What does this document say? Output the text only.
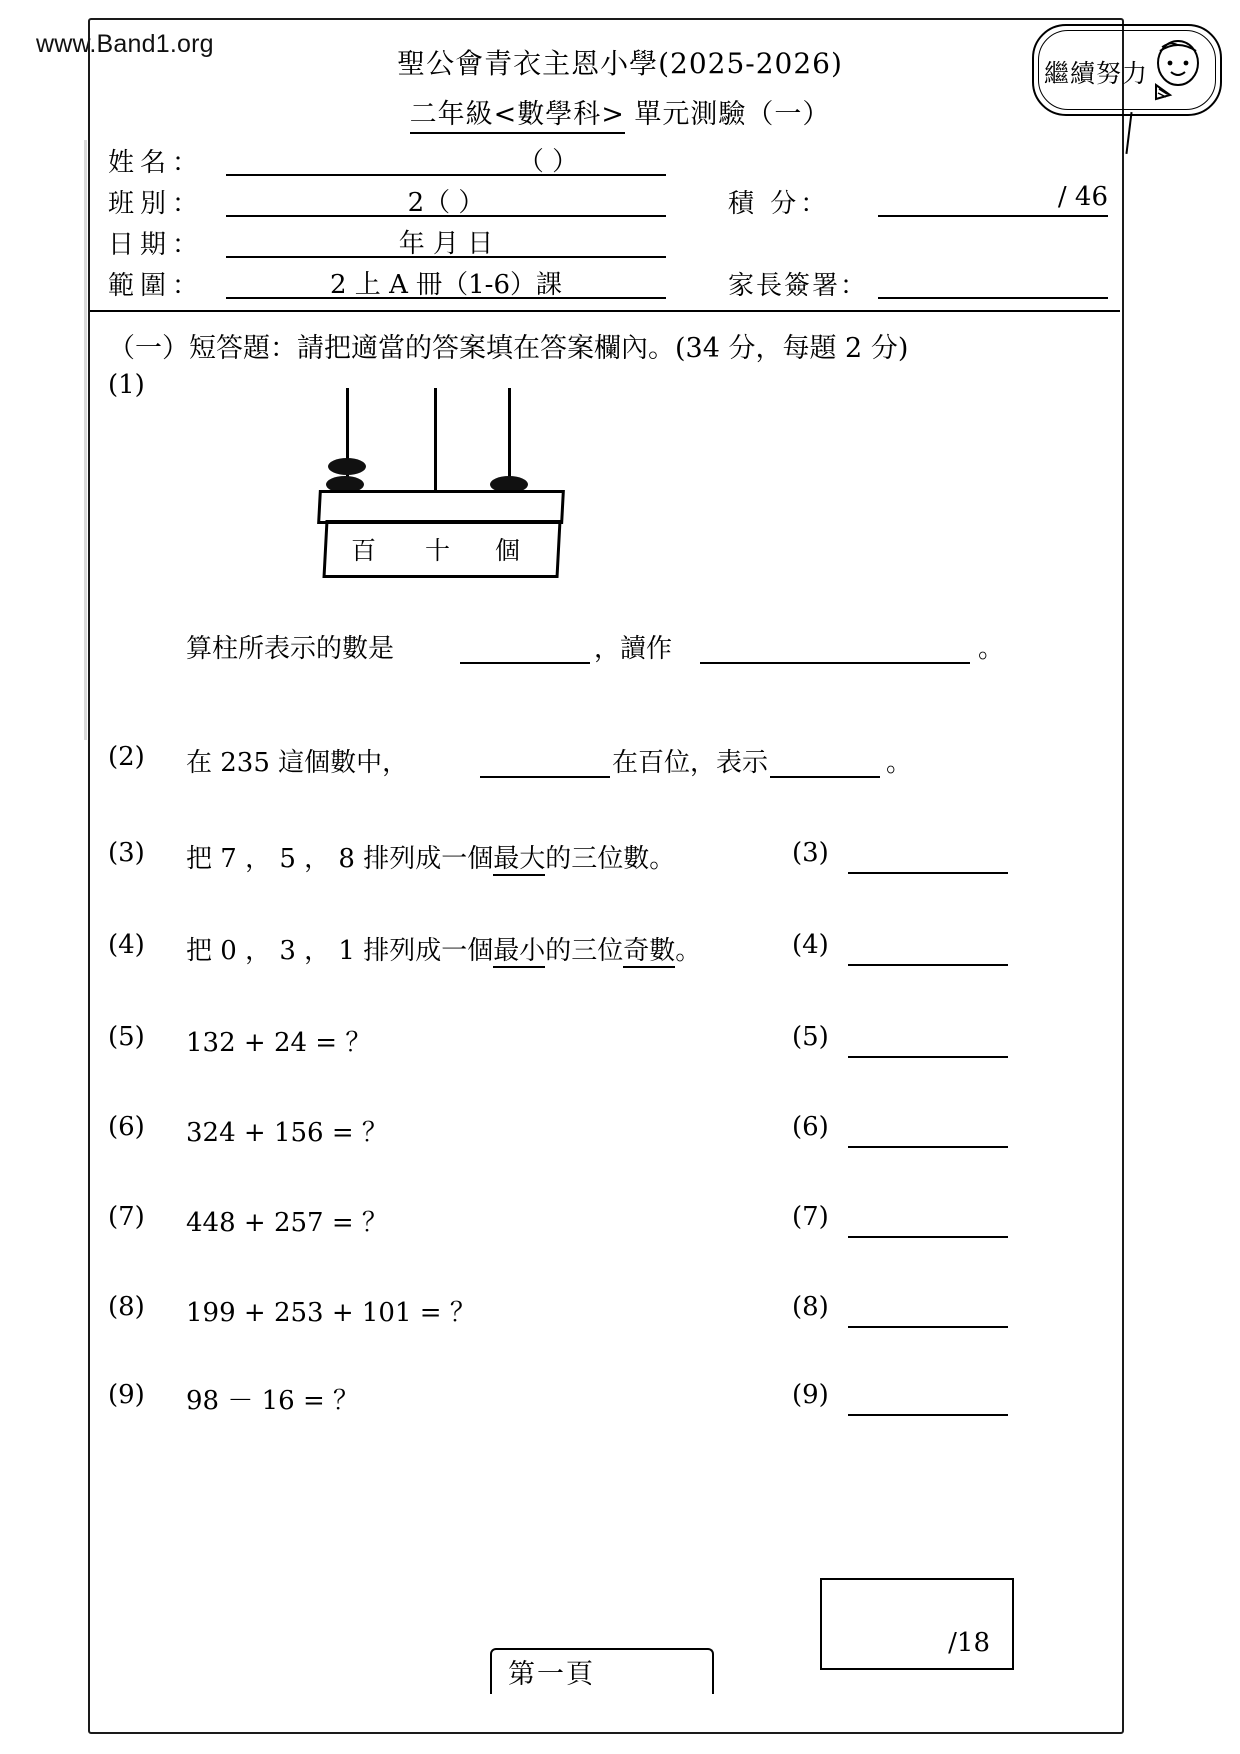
www.Band1.org
聖公會青衣主恩小學(2025-2026)
二年級<數學科> 單元測驗（一）
繼續努力
姓名：	（ ）
班別：	2（ ）	積 分：	/ 46
日期：	年 月 日
範圍：	2 上 A 冊（1-6）課	家長簽署：
（一）短答題：請把適當的答案填在答案欄內。(34 分，每題 2 分)
(1)
百 十 個
算柱所表示的數是	，讀作	。
(2) 在 235 這個數中，	在百位，表示	。
(3) 把 7 ， 5 ， 8 排列成一個最大的三位數。	(3)
(4) 把 0 ， 3 ， 1 排列成一個最小的三位奇數。	(4)
(5) 132 + 24 = ？	(5)
(6) 324 + 156 = ？	(6)
(7) 448 + 257 = ？	(7)
(8) 199 + 253 + 101 = ？	(8)
(9) 98 － 16 = ？	(9)
/18
第一頁
